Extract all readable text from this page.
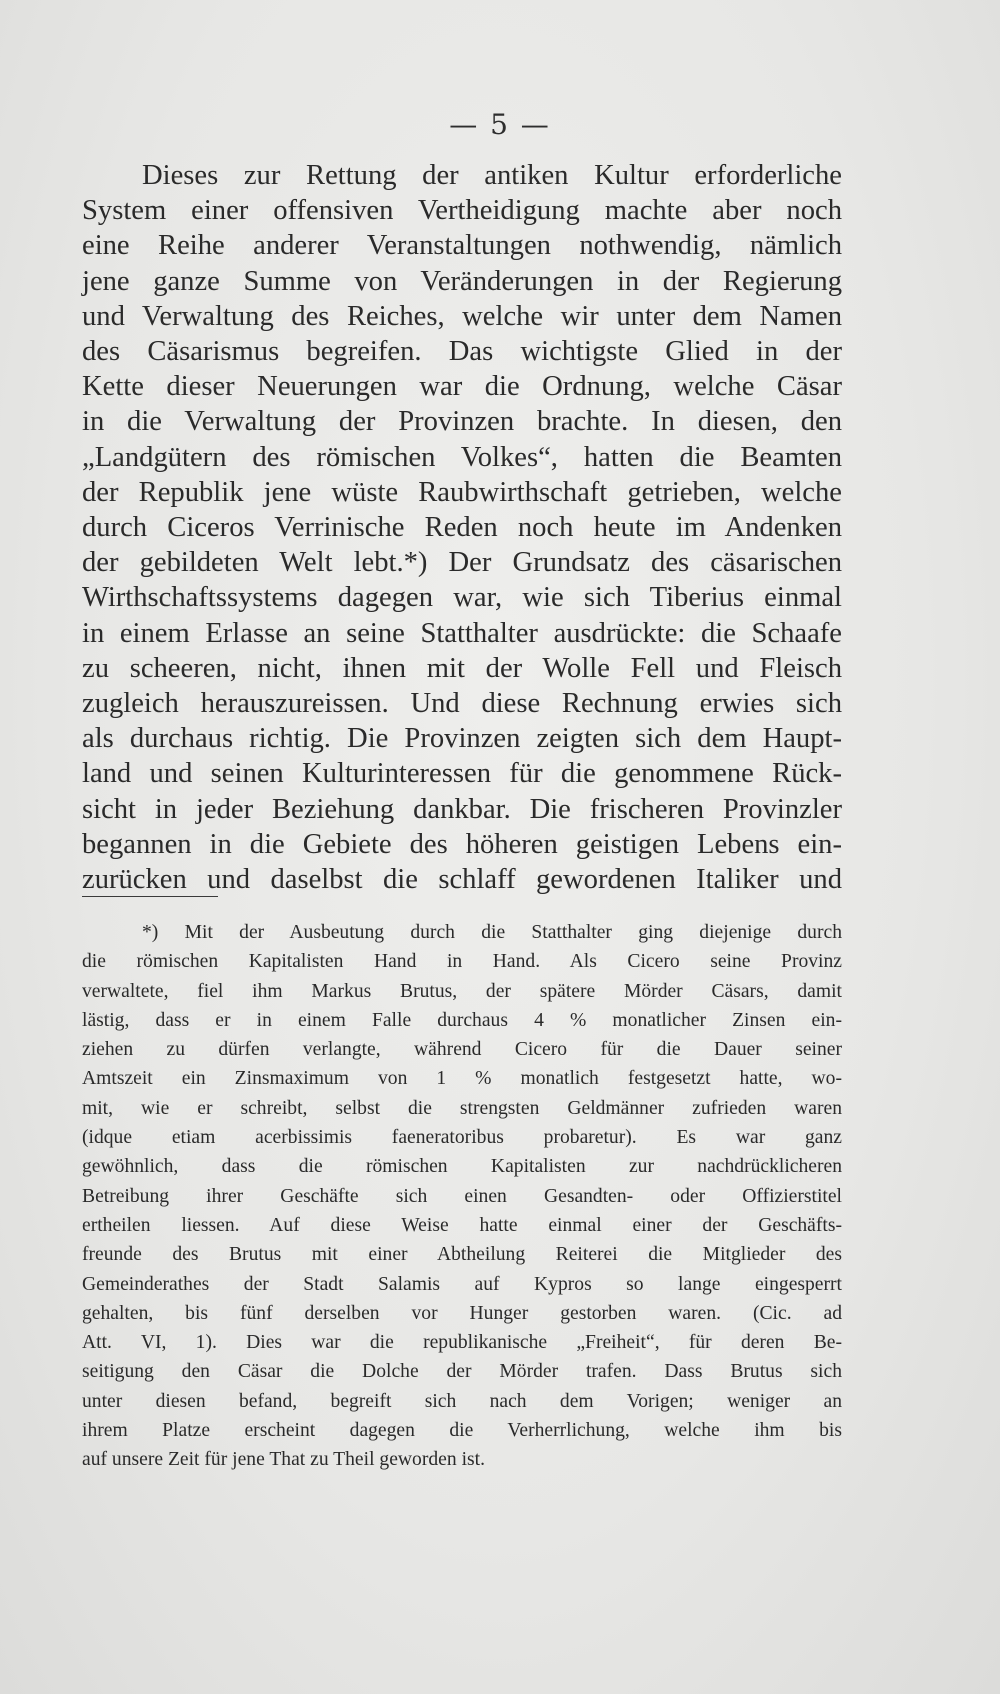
— 5 —
Dieses zur Rettung der antiken Kultur erforderliche
System einer offensiven Vertheidigung machte aber noch
eine Reihe anderer Veranstaltungen nothwendig, nämlich
jene ganze Summe von Veränderungen in der Regierung
und Verwaltung des Reiches, welche wir unter dem Namen
des Cäsarismus begreifen. Das wichtigste Glied in der
Kette dieser Neuerungen war die Ordnung, welche Cäsar
in die Verwaltung der Provinzen brachte. In diesen, den
„Landgütern des römischen Volkes“, hatten die Beamten
der Republik jene wüste Raubwirthschaft getrieben, welche
durch Ciceros Verrinische Reden noch heute im Andenken
der gebildeten Welt lebt.*) Der Grundsatz des cäsarischen
Wirthschaftssystems dagegen war, wie sich Tiberius einmal
in einem Erlasse an seine Statthalter ausdrückte: die Schaafe
zu scheeren, nicht, ihnen mit der Wolle Fell und Fleisch
zugleich herauszureissen. Und diese Rechnung erwies sich
als durchaus richtig. Die Provinzen zeigten sich dem Haupt-
land und seinen Kulturinteressen für die genommene Rück-
sicht in jeder Beziehung dankbar. Die frischeren Provinzler
begannen in die Gebiete des höheren geistigen Lebens ein-
zurücken und daselbst die schlaff gewordenen Italiker und
*) Mit der Ausbeutung durch die Statthalter ging diejenige durch
die römischen Kapitalisten Hand in Hand. Als Cicero seine Provinz
verwaltete, fiel ihm Markus Brutus, der spätere Mörder Cäsars, damit
lästig, dass er in einem Falle durchaus 4 % monatlicher Zinsen ein-
ziehen zu dürfen verlangte, während Cicero für die Dauer seiner
Amtszeit ein Zinsmaximum von 1 % monatlich festgesetzt hatte, wo-
mit, wie er schreibt, selbst die strengsten Geldmänner zufrieden waren
(idque etiam acerbissimis faeneratoribus probaretur). Es war ganz
gewöhnlich, dass die römischen Kapitalisten zur nachdrücklicheren
Betreibung ihrer Geschäfte sich einen Gesandten- oder Offizierstitel
ertheilen liessen. Auf diese Weise hatte einmal einer der Geschäfts-
freunde des Brutus mit einer Abtheilung Reiterei die Mitglieder des
Gemeinderathes der Stadt Salamis auf Kypros so lange eingesperrt
gehalten, bis fünf derselben vor Hunger gestorben waren. (Cic. ad
Att. VI, 1). Dies war die republikanische „Freiheit“, für deren Be-
seitigung den Cäsar die Dolche der Mörder trafen. Dass Brutus sich
unter diesen befand, begreift sich nach dem Vorigen; weniger an
ihrem Platze erscheint dagegen die Verherrlichung, welche ihm bis
auf unsere Zeit für jene That zu Theil geworden ist.
